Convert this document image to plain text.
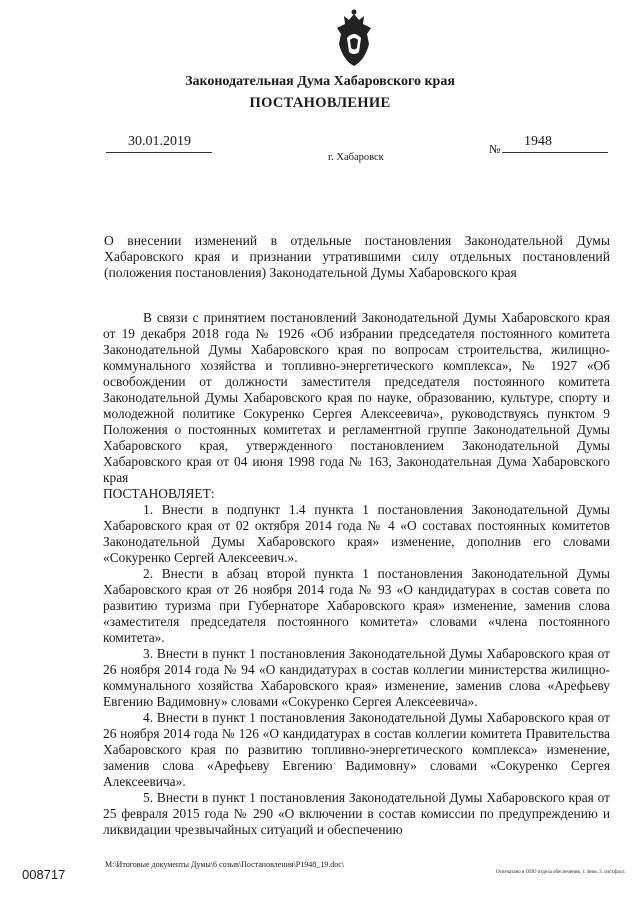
Законодательная Дума Хабаровского края
ПОСТАНОВЛЕНИЕ
30.01.2019
г. Хабаровск
№ 1948
О внесении изменений в отдельные постановления Законодательной Думы Хабаровского края и признании утратившими силу отдельных постановлений (положения постановления) Законодательной Думы Хабаровского края

В связи с принятием постановлений Законодательной Думы Хабаровского края от 19 декабря 2018 года № 1926 «Об избрании председателя постоянного комитета Законодательной Думы Хабаровского края по вопросам строительства, жилищно-коммунального хозяйства и топливно-энергетического комплекса», № 1927 «Об освобождении от должности заместителя председателя постоянного комитета Законодательной Думы Хабаровского края по науке, образованию, культуре, спорту и молодежной политике Сокуренко Сергея Алексеевича», руководствуясь пунктом 9 Положения о постоянных комитетах и регламентной группе Законодательной Думы Хабаровского края, утвержденного постановлением Законодательной Думы Хабаровского края от 04 июня 1998 года № 163, Законодательная Дума Хабаровского края

ПОСТАНОВЛЯЕТ:

1. Внести в подпункт 1.4 пункта 1 постановления Законодательной Думы Хабаровского края от 02 октября 2014 года № 4 «О составах постоянных комитетов Законодательной Думы Хабаровского края» изменение, дополнив его словами «Сокуренко Сергей Алексеевич.».

2. Внести в абзац второй пункта 1 постановления Законодательной Думы Хабаровского края от 26 ноября 2014 года № 93 «О кандидатурах в состав совета по развитию туризма при Губернаторе Хабаровского края» изменение, заменив слова «заместителя председателя постоянного комитета» словами «члена постоянного комитета».

3. Внести в пункт 1 постановления Законодательной Думы Хабаровского края от 26 ноября 2014 года № 94 «О кандидатурах в состав коллегии министерства жилищно-коммунального хозяйства Хабаровского края» изменение, заменив слова «Арефьеву Евгению Вадимовну» словами «Сокуренко Сергея Алексеевича».

4. Внести в пункт 1 постановления Законодательной Думы Хабаровского края от 26 ноября 2014 года № 126 «О кандидатурах в состав коллегии комитета Правительства Хабаровского края по развитию топливно-энергетического комплекса» изменение, заменив слова «Арефьеву Евгению Вадимовну» словами «Сокуренко Сергея Алексеевича».

5. Внести в пункт 1 постановления Законодательной Думы Хабаровского края от 25 февраля 2015 года № 290 «О включении в состав комиссии по предупреждению и ликвидации чрезвычайных ситуаций и обеспечению

008717
M:\Итоговые документы Думы\6 созыв\Постановления\P1948_19.doc\
Отпечатано в ОПО отдела обеспечения, т. 4нов. 3. сист.фахт.
